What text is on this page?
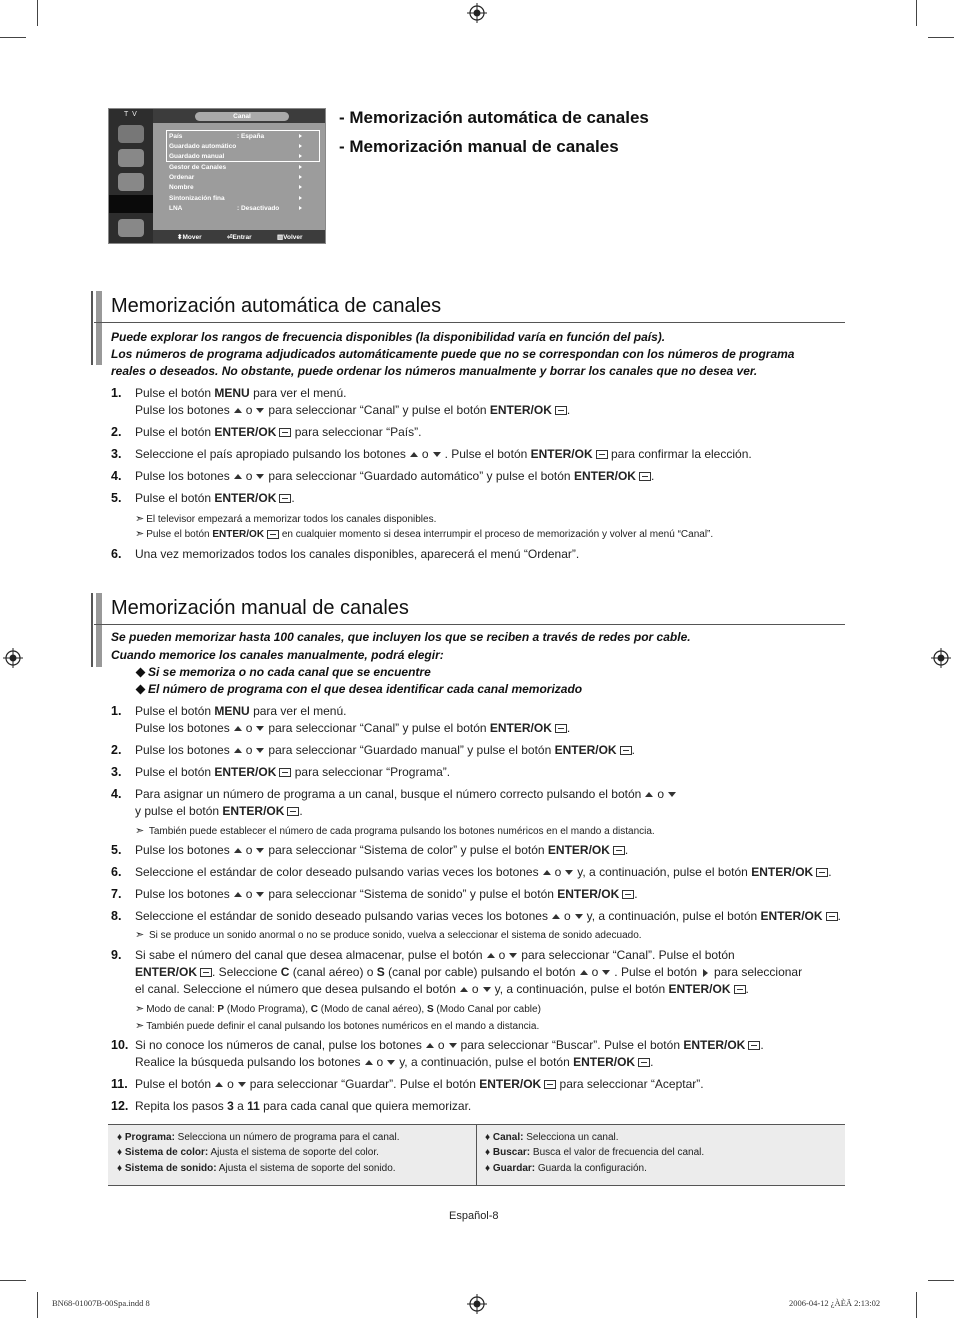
T V	Canal
País	: España
Guardado automático
Guardado manual
Gestor de Canales
Ordenar
Nombre
Sintonización fina
LNA	: Desactivado
⬍Mover	⏎Entrar	▥Volver
- Memorización automática de canales
- Memorización manual de canales
Memorización automática de canales
Puede explorar los rangos de frecuencia disponibles (la disponibilidad varía en función del país).
Los números de programa adjudicados automáticamente puede que no se correspondan con los números de programa
reales o deseados. No obstante, puede ordenar los números manualmente y borrar los canales que no desea ver.
1. Pulse el botón MENU para ver el menú.
Pulse los botones o para seleccionar “Canal” y pulse el botón ENTER/OK .
2. Pulse el botón ENTER/OK para seleccionar “País”.
3. Seleccione el país apropiado pulsando los botones o . Pulse el botón ENTER/OK para confirmar la elección.
4. Pulse los botones o para seleccionar “Guardado automático” y pulse el botón ENTER/OK .
5. Pulse el botón ENTER/OK .
➣ El televisor empezará a memorizar todos los canales disponibles.
➣ Pulse el botón ENTER/OK en cualquier momento si desea interrumpir el proceso de memorización y volver al menú “Canal”.
6. Una vez memorizados todos los canales disponibles, aparecerá el menú “Ordenar”.
Memorización manual de canales
Se pueden memorizar hasta 100 canales, que incluyen los que se reciben a través de redes por cable.
Cuando memorice los canales manualmente, podrá elegir:
Si se memoriza o no cada canal que se encuentre
El número de programa con el que desea identificar cada canal memorizado
1. Pulse el botón MENU para ver el menú.
Pulse los botones o para seleccionar “Canal” y pulse el botón ENTER/OK .
2. Pulse los botones o para seleccionar “Guardado manual” y pulse el botón ENTER/OK .
3. Pulse el botón ENTER/OK para seleccionar “Programa”.
4. Para asignar un número de programa a un canal, busque el número correcto pulsando el botón o
y pulse el botón ENTER/OK .
➣ También puede establecer el número de cada programa pulsando los botones numéricos en el mando a distancia.
5. Pulse los botones o para seleccionar “Sistema de color” y pulse el botón ENTER/OK .
6. Seleccione el estándar de color deseado pulsando varias veces los botones o y, a continuación, pulse el botón ENTER/OK .
7. Pulse los botones o para seleccionar “Sistema de sonido” y pulse el botón ENTER/OK .
8. Seleccione el estándar de sonido deseado pulsando varias veces los botones o y, a continuación, pulse el botón ENTER/OK .
➣ Si se produce un sonido anormal o no se produce sonido, vuelva a seleccionar el sistema de sonido adecuado.
9. Si sabe el número del canal que desea almacenar, pulse el botón o para seleccionar “Canal”. Pulse el botón
ENTER/OK . Seleccione C (canal aéreo) o S (canal por cable) pulsando el botón o . Pulse el botón para seleccionar
el canal. Seleccione el número que desea pulsando el botón o y, a continuación, pulse el botón ENTER/OK .
➣ Modo de canal: P (Modo Programa), C (Modo de canal aéreo), S (Modo Canal por cable)
➣ También puede definir el canal pulsando los botones numéricos en el mando a distancia.
10. Si no conoce los números de canal, pulse los botones o para seleccionar “Buscar”. Pulse el botón ENTER/OK .
Realice la búsqueda pulsando los botones o y, a continuación, pulse el botón ENTER/OK .
11. Pulse el botón o para seleccionar “Guardar”. Pulse el botón ENTER/OK para seleccionar “Aceptar”.
12. Repita los pasos 3 a 11 para cada canal que quiera memorizar.
♦ Programa: Selecciona un número de programa para el canal.
♦ Sistema de color: Ajusta el sistema de soporte del color.
♦ Sistema de sonido: Ajusta el sistema de soporte del sonido.
♦ Canal: Selecciona un canal.
♦ Buscar: Busca el valor de frecuencia del canal.
♦ Guardar: Guarda la configuración.
Español-8
BN68-01007B-00Spa.indd 8	2006-04-12 ¿ÀÈÄ 2:13:02
